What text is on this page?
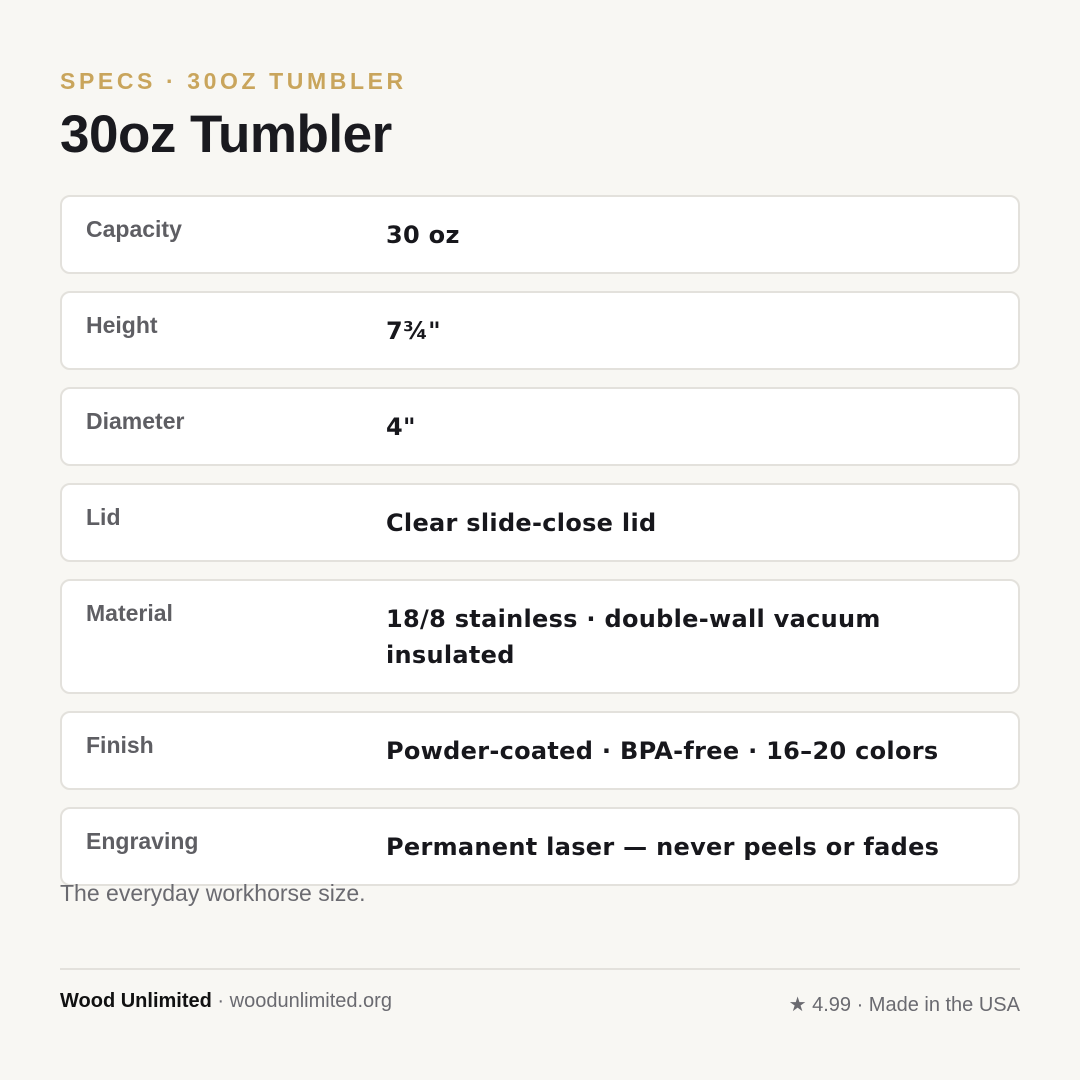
SPECS · 30OZ TUMBLER
30oz Tumbler
Capacity	30 oz
Height	7¾"
Diameter	4"
Lid	Clear slide-close lid
Material	18/8 stainless · double-wall vacuum insulated
Finish	Powder-coated · BPA-free · 16–20 colors
Engraving	Permanent laser — never peels or fades

The everyday workhorse size.

Wood Unlimited · woodunlimited.org	★ 4.99 · Made in the USA
